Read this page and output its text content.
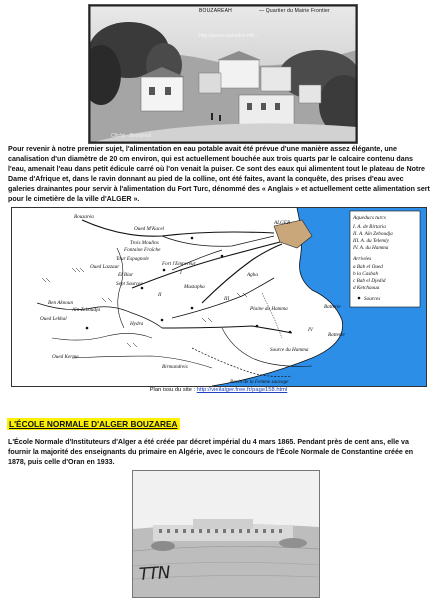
BOUZAREAH	— Quartier du Mairie Frontier
http://perso.wanadoo.fr/b...
Cliché - Bourgreal

Pour revenir à notre premier sujet, l'alimentation en eau potable avait été prévue d'une manière assez élégante, une canalisation d'un diamètre de 20 cm environ, qui est actuellement bouchée aux trois quarts par le calcaire contenu dans l'eau, amenait l'eau dans petit édicule carré où l'on venait la puiser. Ce sont des eaux qui alimentent tout le plateau de Notre Dame d'Afrique et, dans le ravin donnant au pied de la colline, ont été faites, avant la conquête, des prises d'eau avec galeries drainantes pour servir à l'alimentation du Fort Turc, dénommé des « Anglais » et actuellement cette alimentation sert pour le cimetière de la ville d'ALGER ».

Bouzaréa
Oued M'Kacel
Trois Moulins
Fontaine Fraîche
Tour Espagnole
Oued Lazzaur	Fort l'Empereur
El Biar
Sept Sources
Ben Aknoun
Aïn Zeboudja
Oued Lekhal
Hydra
Mustapha
Agha
Plaine du Hamma
Source du Hamma
Oued Kerma
Birmandreis
Ravin de la Femme sauvage
ALGER
Batterie
Batterie
I
II
III
IV
Aqueducs turcs
I. A. de Birtaria
II. A. Aïn Zeboudja
III. A. du Telemly
IV. A. du Hamma
Arrivées
a Bab el Oued
b la Casbah
c Bab el Djedid
d Ketchaoua
Sources
Plan issu du site : http://vieilalger.free.fr/page158.html
L'ÉCOLE NORMALE D'ALGER BOUZAREA

L'École Normale d'Instituteurs d'Alger a été créée par décret impérial du 4 mars 1865. Pendant près de cent ans, elle va fournir la majorité des enseignants du primaire en Algérie, avec le concours de l'École Normale de Constantine créée en 1878, puis celle d'Oran en 1933.

TTN
